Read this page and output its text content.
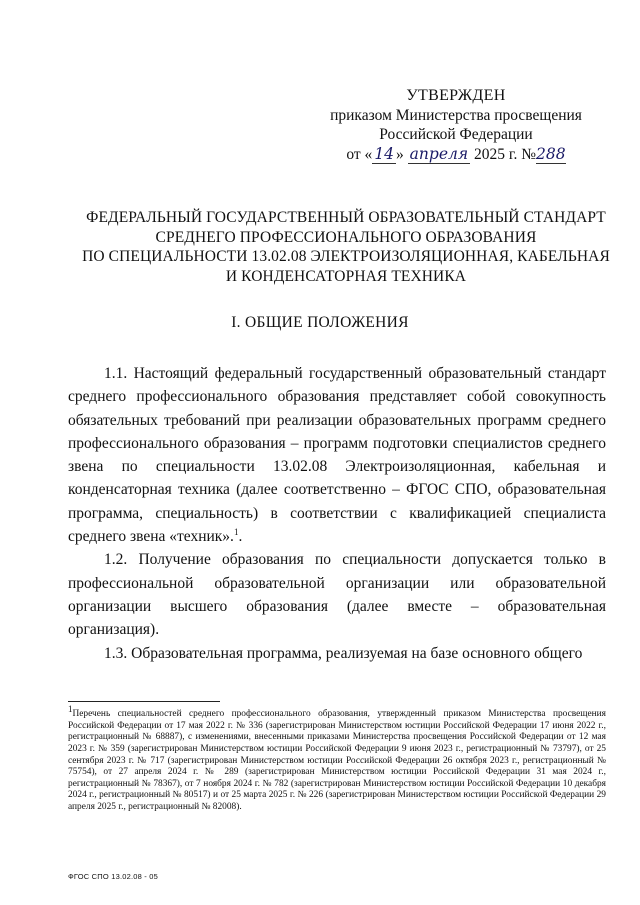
УТВЕРЖДЕН
приказом Министерства просвещения
Российской Федерации
от « 14 » апреля 2025 г. №288
ФЕДЕРАЛЬНЫЙ ГОСУДАРСТВЕННЫЙ ОБРАЗОВАТЕЛЬНЫЙ СТАНДАРТ
СРЕДНЕГО ПРОФЕССИОНАЛЬНОГО ОБРАЗОВАНИЯ
ПО СПЕЦИАЛЬНОСТИ 13.02.08 ЭЛЕКТРОИЗОЛЯЦИОННАЯ, КАБЕЛЬНАЯ
И КОНДЕНСАТОРНАЯ ТЕХНИКА
I. ОБЩИЕ ПОЛОЖЕНИЯ

1.1. Настоящий федеральный государственный образовательный стандарт среднего профессионального образования представляет собой совокупность обязательных требований при реализации образовательных программ среднего профессионального образования – программ подготовки специалистов среднего звена по специальности 13.02.08 Электроизоляционная, кабельная и конденсаторная техника (далее соответственно – ФГОС СПО, образовательная программа, специальность) в соответствии с квалификацией специалиста среднего звена «техник».$^1$.

1.2. Получение образования по специальности допускается только в профессиональной образовательной организации или образовательной организации высшего образования (далее вместе – образовательная организация).

1.3. Образовательная программа, реализуемая на базе основного общего

$^1$Перечень специальностей среднего профессионального образования, утвержденный приказом Министерства просвещения Российской Федерации от 17 мая 2022 г. № 336 (зарегистрирован Министерством юстиции Российской Федерации 17 июня 2022 г., регистрационный № 68887), с изменениями, внесенными приказами Министерства просвещения Российской Федерации от 12 мая 2023 г. № 359 (зарегистрирован Министерством юстиции Российской Федерации 9 июня 2023 г., регистрационный № 73797), от 25 сентября 2023 г. № 717 (зарегистрирован Министерством юстиции Российской Федерации 26 октября 2023 г., регистрационный № 75754), от 27 апреля 2024 г. № 289 (зарегистрирован Министерством юстиции Российской Федерации 31 мая 2024 г., регистрационный № 78367), от 7 ноября 2024 г. № 782 (зарегистрирован Министерством юстиции Российской Федерации 10 декабря 2024 г., регистрационный № 80517) и от 25 марта 2025 г. № 226 (зарегистрирован Министерством юстиции Российской Федерации 29 апреля 2025 г., регистрационный № 82008).
ФГОС СПО 13.02.08 - 05
